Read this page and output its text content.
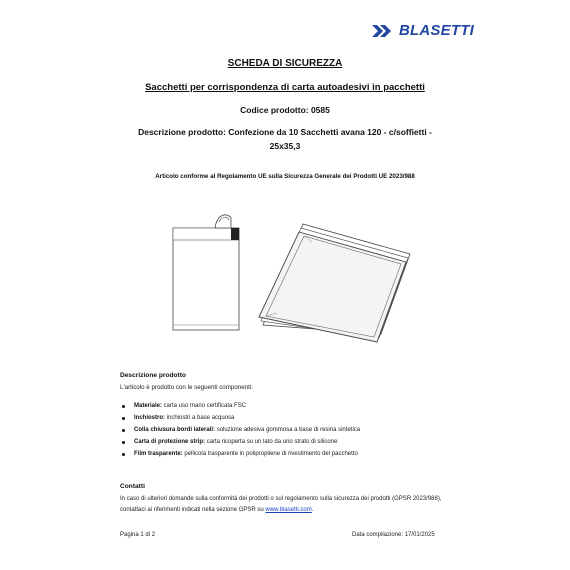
BLASETTI
SCHEDA DI SICUREZZA
Sacchetti per corrispondenza di carta autoadesivi in pacchetti
Codice prodotto: 0585
Descrizione prodotto: Confezione da 10 Sacchetti avana 120 - c/soffietti -
25x35,3
Articolo conforme al Regolamento UE sulla Sicurezza Generale dei Prodotti UE 2023/988
Descrizione prodotto
L'articolo è prodotto con le seguenti componenti:
Materiale: carta uso mano certificata FSC
Inchiostro: inchiostri a base acquosa
Colla chiusura bordi laterali: soluzione adesiva gommosa a base di resina sintetica
Carta di protezione strip: carta ricoperta su un lato da uno strato di silicone
Film trasparente: pellicola trasparente in polipropilene di rivestimento del pacchetto
Contatti
In caso di ulteriori domande sulla conformità dei prodotti o sul regolamento sulla sicurezza dei prodotti (GPSR 2023/988), contattaci ai riferimenti indicati nella sezione GPSR su www.blasetti.com.
Pagina 1 di 2	Data compilazione: 17/01/2025
